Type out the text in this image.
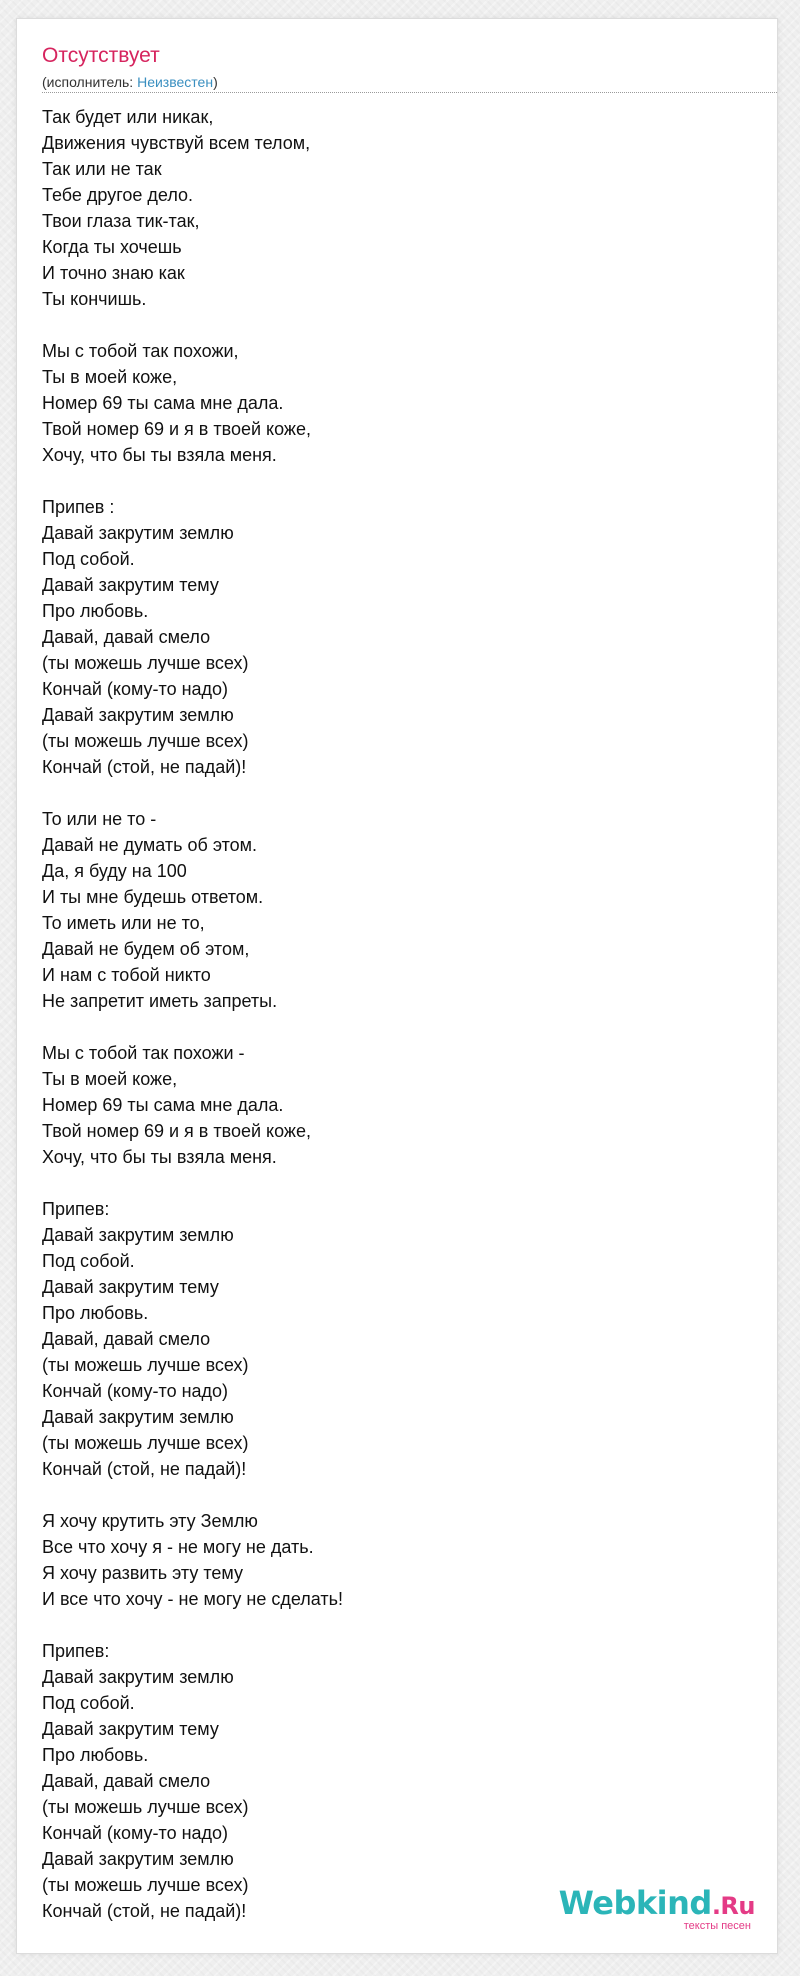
Отсутствует
(исполнитель: Неизвестен)
Так будет или никак,
Движения чувствуй всем телом,
Так или не так
Тебе другое дело.
Твои глаза тик-так,
Когда ты хочешь
И точно знаю как
Ты кончишь.
Мы с тобой так похожи,
Ты в моей коже,
Номер 69 ты сама мне дала.
Твой номер 69 и я в твоей коже,
Хочу, что бы ты взяла меня.
Припев :
Давай закрутим землю
Под собой.
Давай закрутим тему
Про любовь.
Давай, давай смело
(ты можешь лучше всех)
Кончай (кому-то надо)
Давай закрутим землю
(ты можешь лучше всех)
Кончай (стой, не падай)!
То или не то -
Давай не думать об этом.
Да, я буду на 100
И ты мне будешь ответом.
То иметь или не то,
Давай не будем об этом,
И нам с тобой никто
Не запретит иметь запреты.
Мы с тобой так похожи -
Ты в моей коже,
Номер 69 ты сама мне дала.
Твой номер 69 и я в твоей коже,
Хочу, что бы ты взяла меня.
Припев:
Давай закрутим землю
Под собой.
Давай закрутим тему
Про любовь.
Давай, давай смело
(ты можешь лучше всех)
Кончай (кому-то надо)
Давай закрутим землю
(ты можешь лучше всех)
Кончай (стой, не падай)!
Я хочу крутить эту Землю
Все что хочу я - не могу не дать.
Я хочу развить эту тему
И все что хочу - не могу не сделать!
Припев:
Давай закрутим землю
Под собой.
Давай закрутим тему
Про любовь.
Давай, давай смело
(ты можешь лучше всех)
Кончай (кому-то надо)
Давай закрутим землю
(ты можешь лучше всех)
Кончай (стой, не падай)!	Webkind.Ru
тексты песен
